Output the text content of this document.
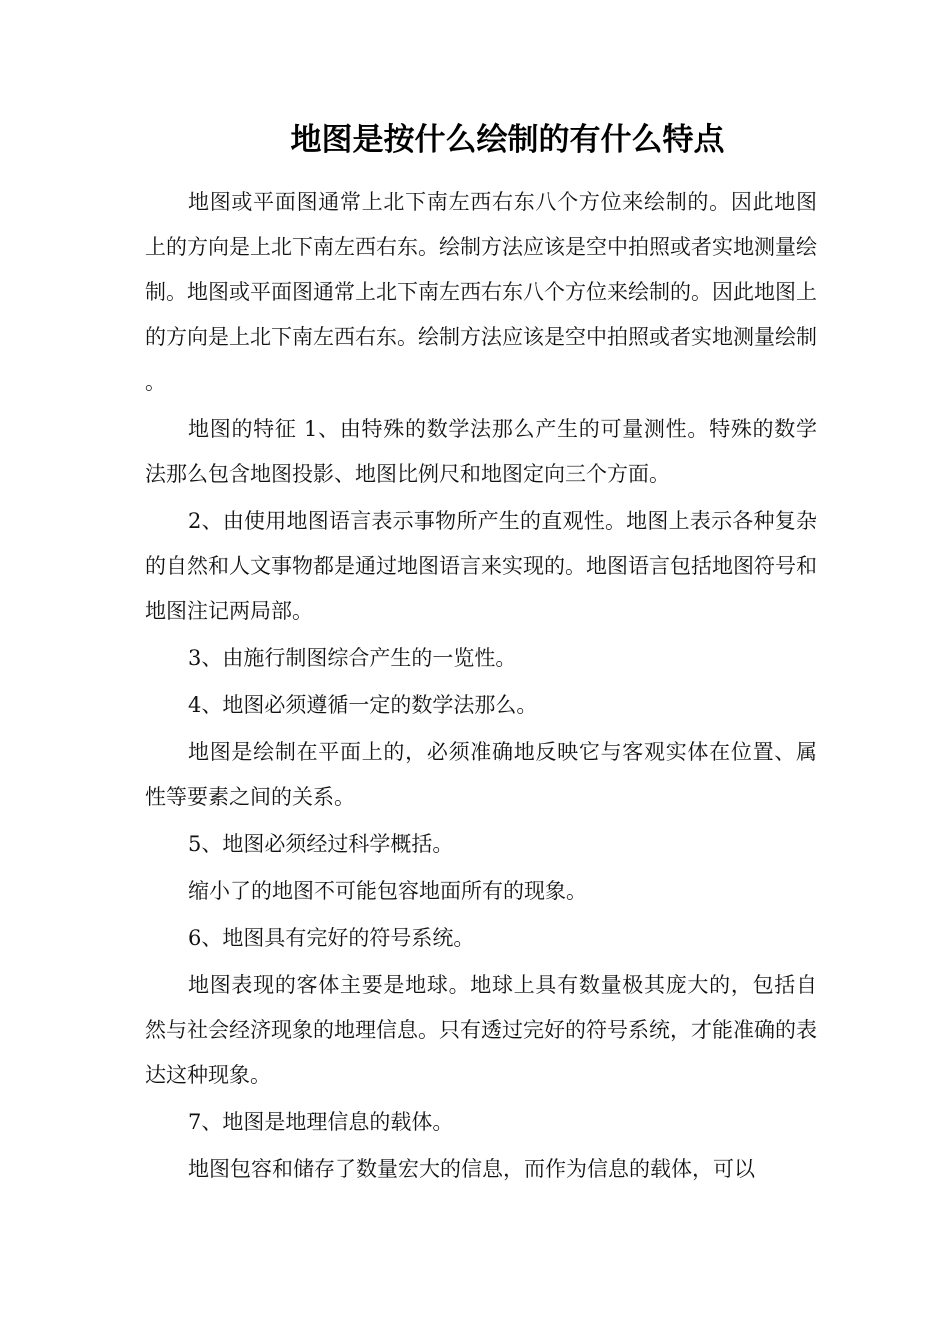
地图是按什么绘制的有什么特点

地图或平面图通常上北下南左西右东八个方位来绘制的。因此地图上的方向是上北下南左西右东。绘制方法应该是空中拍照或者实地测量绘制。地图或平面图通常上北下南左西右东八个方位来绘制的。因此地图上的方向是上北下南左西右东。绘制方法应该是空中拍照或者实地测量绘制。

地图的特征 1、由特殊的数学法那么产生的可量测性。特殊的数学法那么包含地图投影、地图比例尺和地图定向三个方面。

2、由使用地图语言表示事物所产生的直观性。地图上表示各种复杂的自然和人文事物都是通过地图语言来实现的。地图语言包括地图符号和地图注记两局部。

3、由施行制图综合产生的一览性。

4、地图必须遵循一定的数学法那么。

地图是绘制在平面上的，必须准确地反映它与客观实体在位置、属性等要素之间的关系。

5、地图必须经过科学概括。

缩小了的地图不可能包容地面所有的现象。

6、地图具有完好的符号系统。

地图表现的客体主要是地球。地球上具有数量极其庞大的，包括自然与社会经济现象的地理信息。只有透过完好的符号系统，才能准确的表达这种现象。

7、地图是地理信息的载体。

地图包容和储存了数量宏大的信息，而作为信息的载体，可以
